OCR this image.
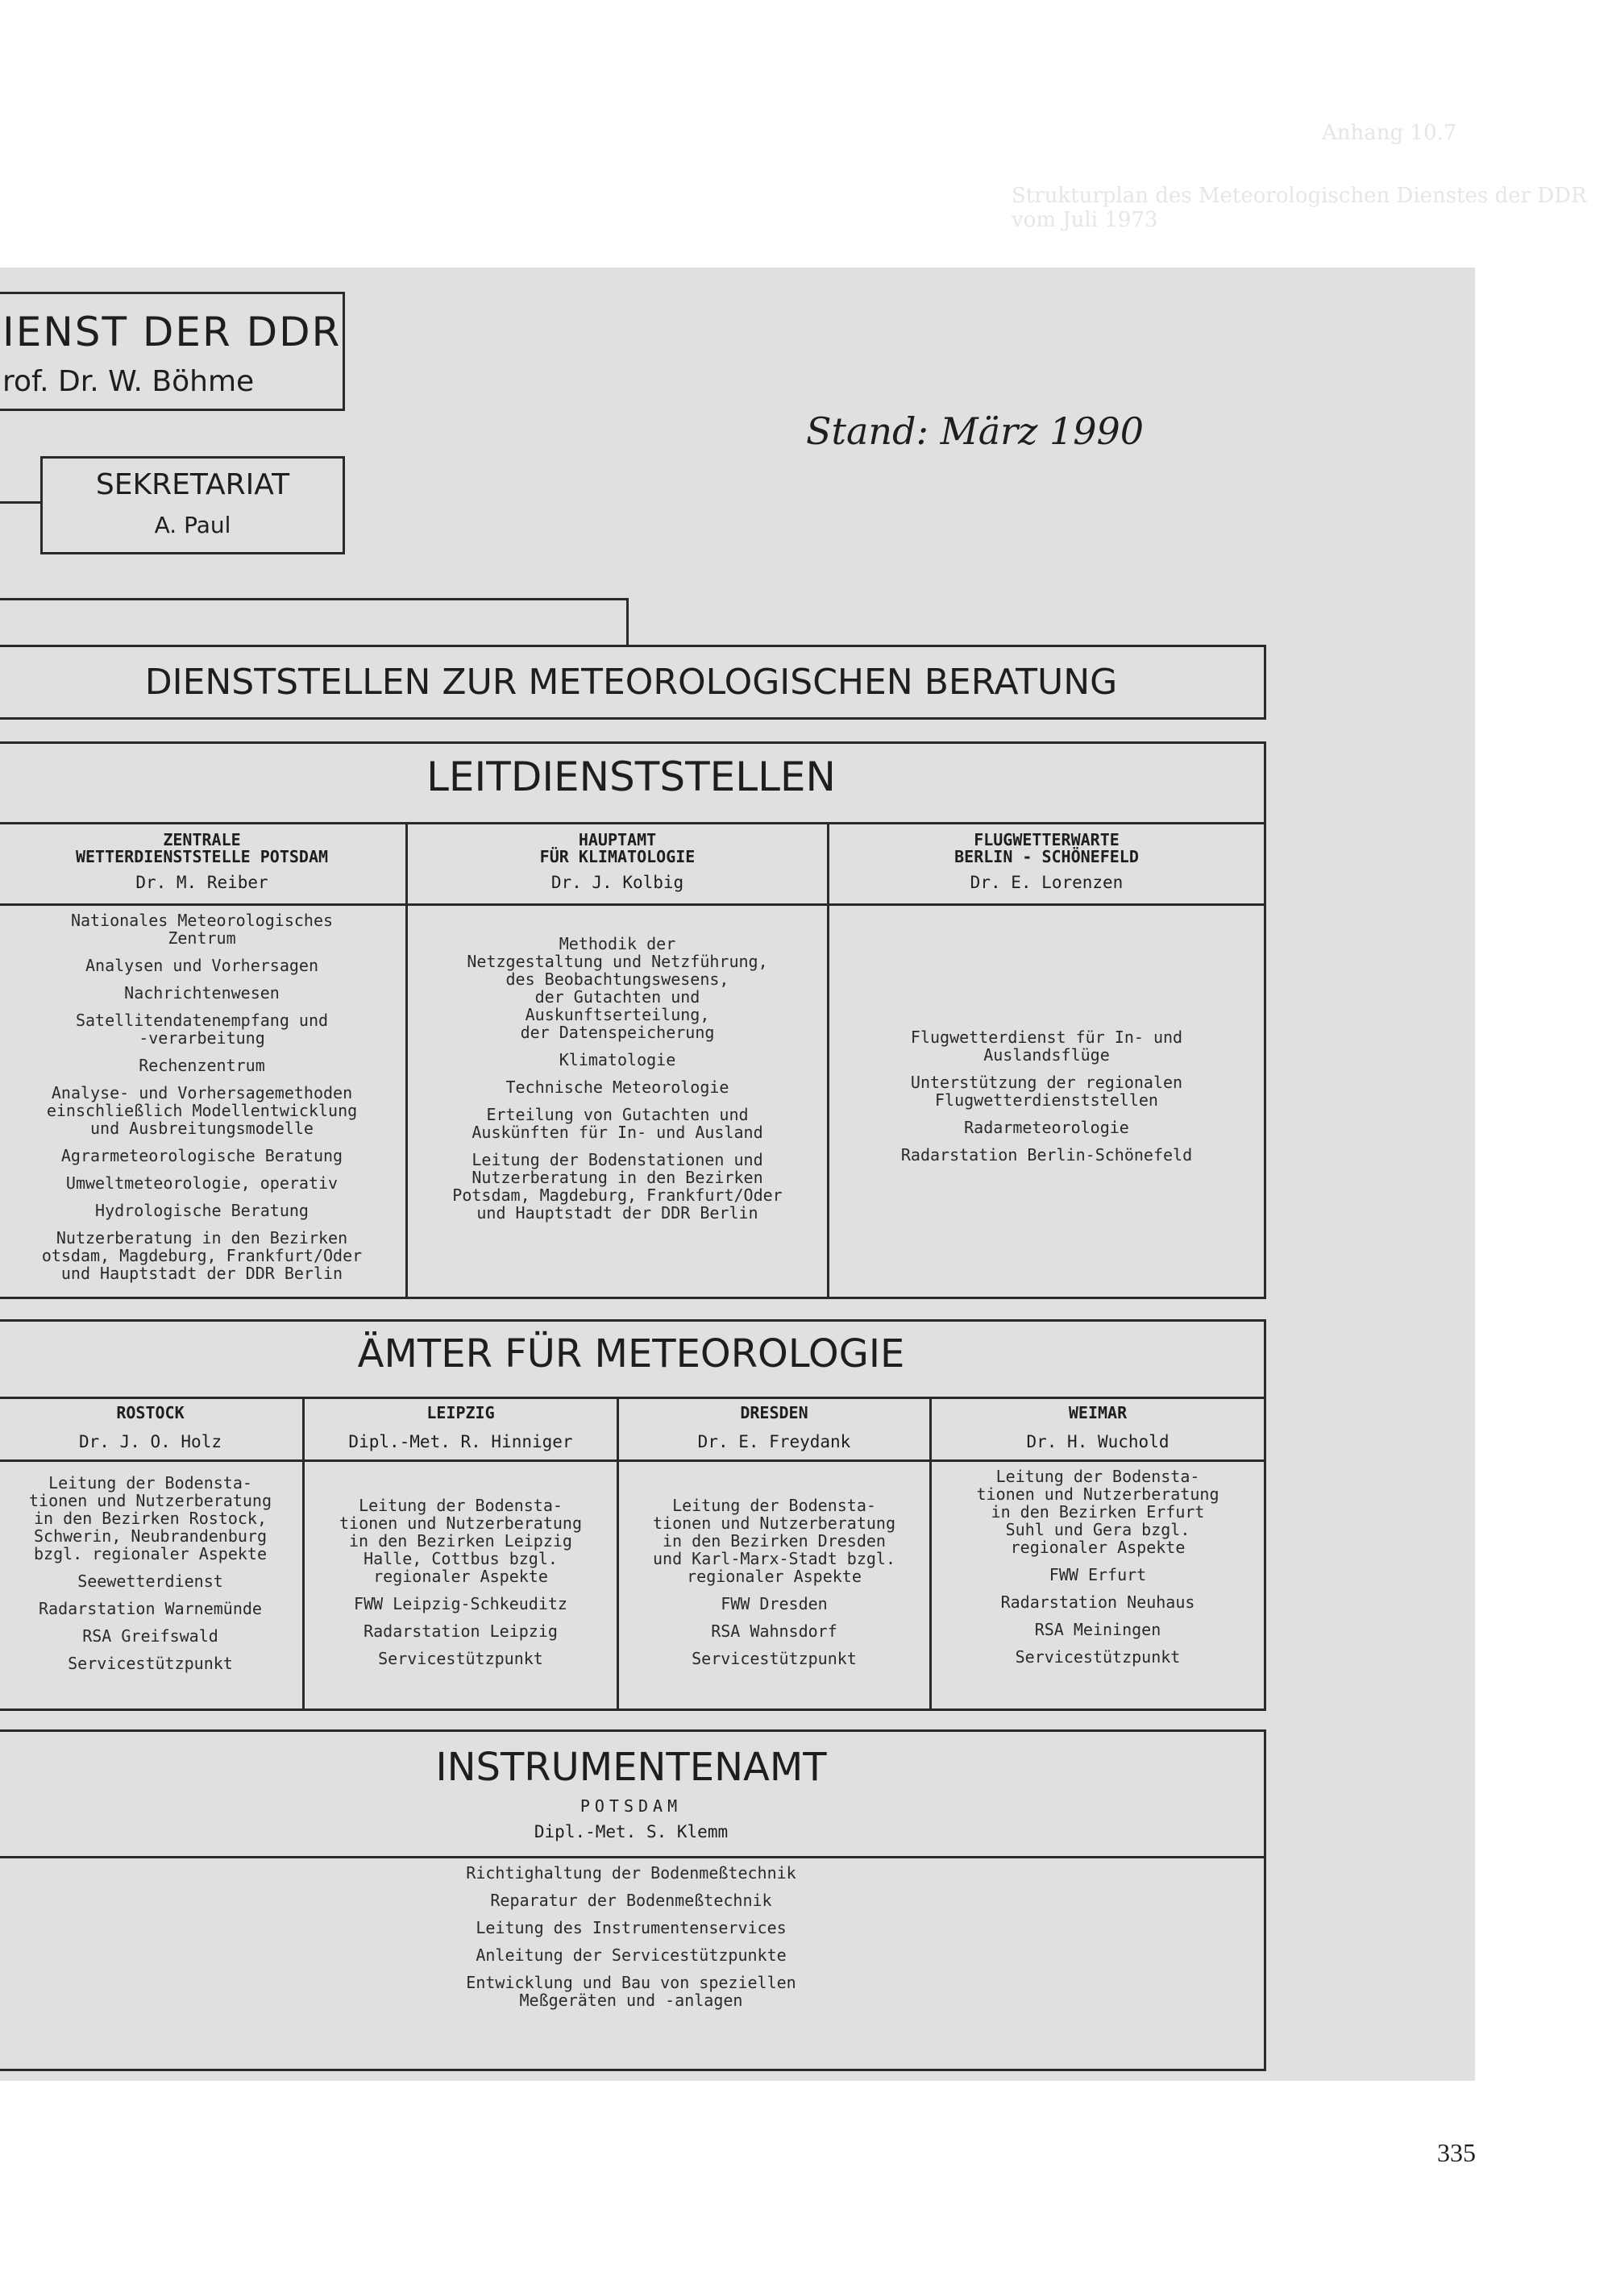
Anhang 10.7
Strukturplan des Meteorologischen Dienstes der DDR vom Juli 1973
IENST DER DDR
rof. Dr. W. Böhme
SEKRETARIAT
A. Paul
Stand: März 1990
DIENSTSTELLEN ZUR METEOROLOGISCHEN BERATUNG
LEITDIENSTSTELLEN
ZENTRALE
WETTERDIENSTSTELLE POTSDAM
Dr. M. Reiber
Nationales Meteorologisches
Zentrum
Analysen und Vorhersagen
Nachrichtenwesen
Satellitendatenempfang und
-verarbeitung
Rechenzentrum
Analyse- und Vorhersagemethoden
einschließlich Modellentwicklung
und Ausbreitungsmodelle
Agrarmeteorologische Beratung
Umweltmeteorologie, operativ
Hydrologische Beratung
Nutzerberatung in den Bezirken
otsdam, Magdeburg, Frankfurt/Oder
und Hauptstadt der DDR Berlin
HAUPTAMT
FÜR KLIMATOLOGIE
Dr. J. Kolbig
Methodik der
Netzgestaltung und Netzführung,
des Beobachtungswesens,
der Gutachten und
Auskunftserteilung,
der Datenspeicherung
Klimatologie
Technische Meteorologie
Erteilung von Gutachten und
Auskünften für In- und Ausland
Leitung der Bodenstationen und
Nutzerberatung in den Bezirken
Potsdam, Magdeburg, Frankfurt/Oder
und Hauptstadt der DDR Berlin
FLUGWETTERWARTE
BERLIN - SCHÖNEFELD
Dr. E. Lorenzen
Flugwetterdienst für In- und
Auslandsflüge
Unterstützung der regionalen
Flugwetterdienststellen
Radarmeteorologie
Radarstation Berlin-Schönefeld
ÄMTER FÜR METEOROLOGIE
ROSTOCK
Dr. J. O. Holz
Leitung der Bodensta-
tionen und Nutzerberatung
in den Bezirken Rostock,
Schwerin, Neubrandenburg
bzgl. regionaler Aspekte
Seewetterdienst
Radarstation Warnemünde
RSA Greifswald
Servicestützpunkt
LEIPZIG
Dipl.-Met. R. Hinniger
Leitung der Bodensta-
tionen und Nutzerberatung
in den Bezirken Leipzig
Halle, Cottbus bzgl.
regionaler Aspekte
FWW Leipzig-Schkeuditz
Radarstation Leipzig
Servicestützpunkt
DRESDEN
Dr. E. Freydank
Leitung der Bodensta-
tionen und Nutzerberatung
in den Bezirken Dresden
und Karl-Marx-Stadt bzgl.
regionaler Aspekte
FWW Dresden
RSA Wahnsdorf
Servicestützpunkt
WEIMAR
Dr. H. Wuchold
Leitung der Bodensta-
tionen und Nutzerberatung
in den Bezirken Erfurt
Suhl und Gera bzgl.
regionaler Aspekte
FWW Erfurt
Radarstation Neuhaus
RSA Meiningen
Servicestützpunkt
INSTRUMENTENAMT
POTSDAM
Dipl.-Met. S. Klemm
Richtighaltung der Bodenmeßtechnik
Reparatur der Bodenmeßtechnik
Leitung des Instrumentenservices
Anleitung der Servicestützpunkte
Entwicklung und Bau von speziellen
Meßgeräten und -anlagen
335
